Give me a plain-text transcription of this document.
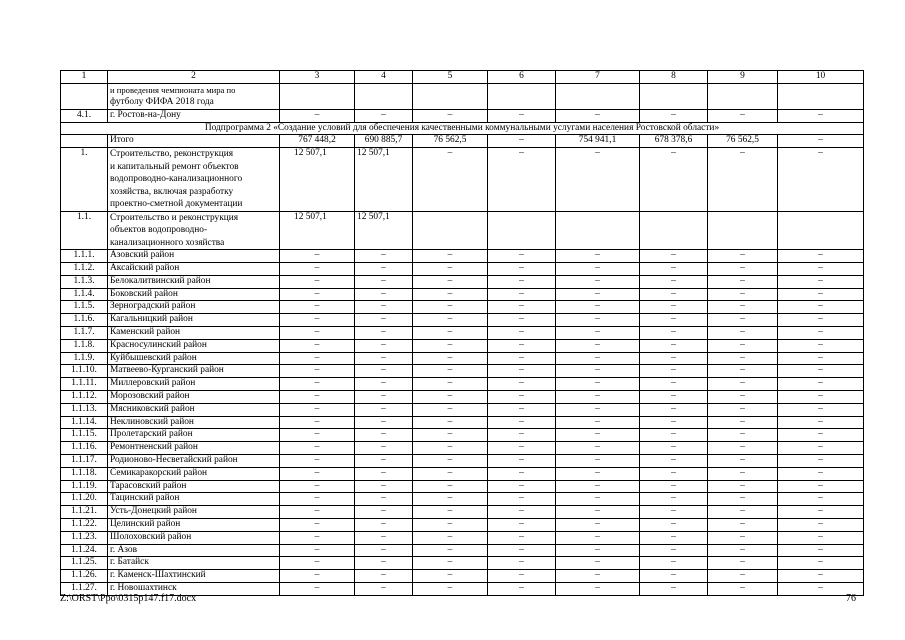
1	2	3	4	5	6	7	8	9	10

	и проведения чемпионата мира по
футболу ФИФА 2018 года								

4.1.	г. Ростов-на-Дону	–	–	–	–	–	–	–	–
Подпрограмма 2 «Создание условий для обеспечения качественными коммунальными услугами населения Ростовской области»									
	Итого	767 448,2	690 885,7	76 562,5	–	754 941,1	678 378,6	76 562,5	–
1.	Строительство, реконструкция
и капитальный ремонт объектов
водопроводно-канализационного
хозяйства, включая разработку
проектно-сметной документации	12 507,1	12 507,1	–	–	–	–	–	–
1.1.	Строительство и реконструкция
объектов водопроводно-
канализационного хозяйства	12 507,1	12 507,1						
1.1.1.	Азовский район	–	–	–	–	–	–	–	–
1.1.2.	Аксайский район	–	–	–	–	–	–	–	–
1.1.3.	Белокалитвинский район	–	–	–	–	–	–	–	–
1.1.4.	Боковский район	–	–	–	–	–	–	–	–
1.1.5.	Зерноградский район	–	–	–	–	–	–	–	–
1.1.6.	Кагальницкий район	–	–	–	–	–	–	–	–
1.1.7.	Каменский район	–	–	–	–	–	–	–	–
1.1.8.	Красносулинский район	–	–	–	–	–	–	–	–
1.1.9.	Куйбышевский район	–	–	–	–	–	–	–	–
1.1.10.	Матвеево-Курганский район	–	–	–	–	–	–	–	–
1.1.11.	Миллеровский район	–	–	–	–	–	–	–	–
1.1.12.	Морозовский район	–	–	–	–	–	–	–	–
1.1.13.	Мясниковский район	–	–	–	–	–	–	–	–
1.1.14.	Неклиновский район	–	–	–	–	–	–	–	–
1.1.15.	Пролетарский район	–	–	–	–	–	–	–	–
1.1.16.	Ремонтненский район	–	–	–	–	–	–	–	–
1.1.17.	Родионово-Несветайский район	–	–	–	–	–	–	–	–
1.1.18.	Семикаракорский район	–	–	–	–	–	–	–	–
1.1.19.	Тарасовский район	–	–	–	–	–	–	–	–
1.1.20.	Тацинский район	–	–	–	–	–	–	–	–
1.1.21.	Усть-Донецкий район	–	–	–	–	–	–	–	–
1.1.22.	Целинский район	–	–	–	–	–	–	–	–
1.1.23.	Шолоховский район	–	–	–	–	–	–	–	–
1.1.24.	г. Азов	–	–	–	–	–	–	–	–
1.1.25.	г. Батайск	–	–	–	–	–	–	–	–
1.1.26.	г. Каменск-Шахтинский	–	–	–	–	–	–	–	–
1.1.27.	г. Новошахтинск	–	–	–	–	–	–	–	–
Z:\ORST\Ppo\0315p147.f17.docx	76
